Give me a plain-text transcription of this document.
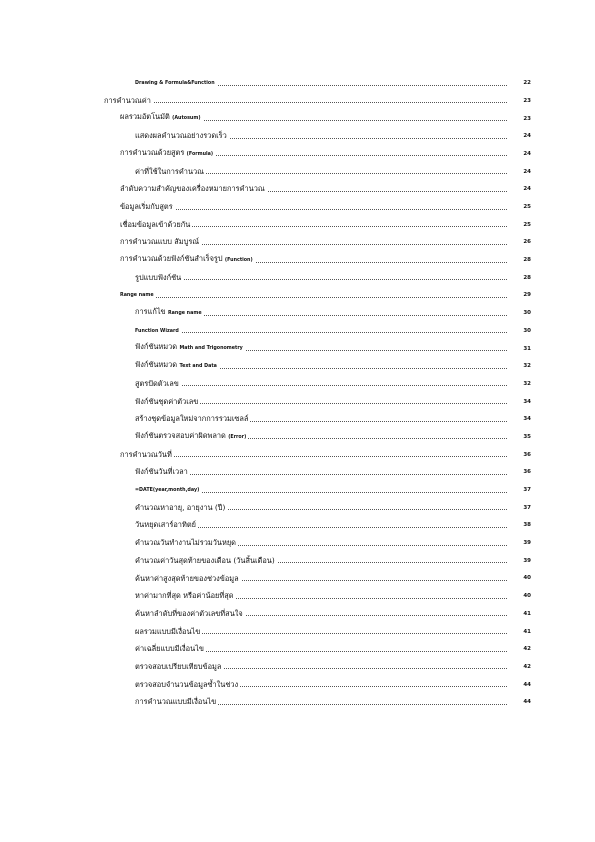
Drawing & Formula&Function	22
การคำนวณค่า	23
ผลรวมอัตโนมัติ (Autosum)	23
แสดงผลคำนวณอย่างรวดเร็ว	24
การคำนวณด้วยสูตร (Formula)	24
ค่าที่ใช้ในการคำนวณ	24
ลำดับความสำคัญของเครื่องหมายการคำนวณ	24
ข้อมูลเริ่มกับสูตร	25
เชื่อมข้อมูลเข้าด้วยกัน	25
การคำนวณแบบ สัมบูรณ์	26
การคำนวณด้วยฟังก์ชันสำเร็จรูป (Function)	28
รูปแบบฟังก์ชัน	28
Range name	29
การแก้ไข Range name	30
Function Wizard	30
ฟังก์ชันหมวด Math and Trigonometry	31
ฟังก์ชันหมวด Text and Data	32
สูตรปัดตัวเลข	32
ฟังก์ชันชุดค่าตัวเลข	34
สร้างชุดข้อมูลใหม่จากการรวมเซลล์	34
ฟังก์ชันตรวจสอบค่าผิดพลาด (Error)	35
การคำนวณวันที่	36
ฟังก์ชันวันที่เวลา	36
=DATE(year,month,day)	37
คำนวณหาอายุ, อายุงาน (ปี)	37
วันหยุดเสาร์อาทิตย์	38
คำนวณวันทำงานไม่รวมวันหยุด	39
คำนวณค่าวันสุดท้ายของเดือน (วันสิ้นเดือน)	39
ค้นหาค่าสูงสุดท้ายของช่วงข้อมูล	40
หาค่ามากที่สุด หรือค่าน้อยที่สุด	40
ค้นหาลำดับที่ของค่าตัวเลขที่สนใจ	41
ผลรวมแบบมีเงื่อนไข	41
ค่าเฉลี่ยแบบมีเงื่อนไข	42
ตรวจสอบเปรียบเทียบข้อมูล	42
ตรวจสอบจำนวนข้อมูลซ้ำในช่วง	44
การคำนวณแบบมีเงื่อนไข	44
